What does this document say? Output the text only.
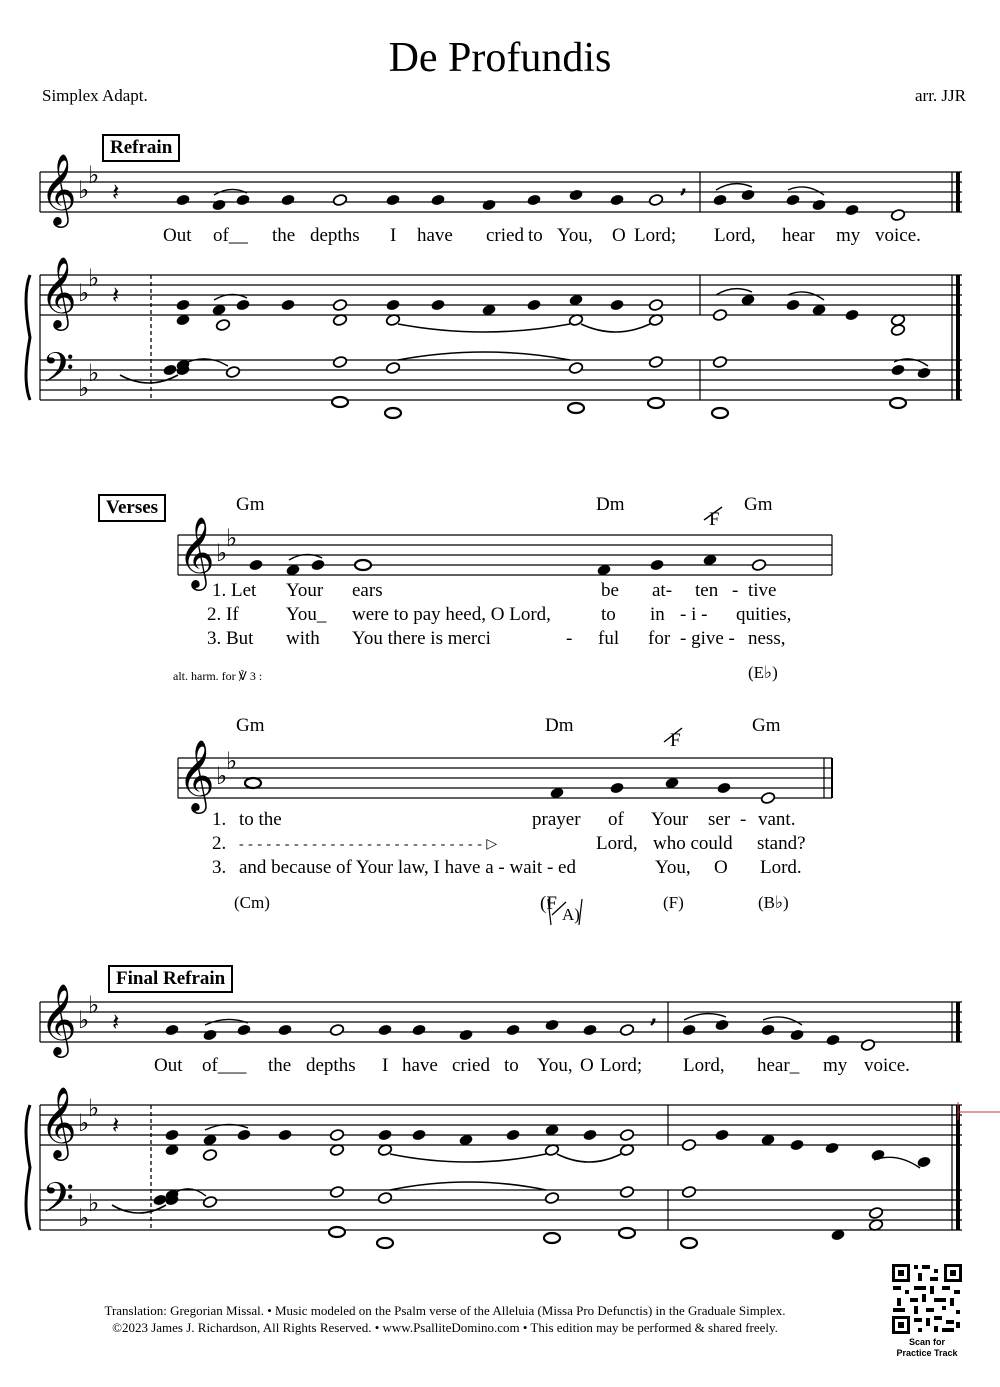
De Profundis
Simplex Adapt.	arr. JJR
Refrain
Verses
Final Refrain
𝄞 ♭
♭
𝄽	,
𝄞 ♭
♭
𝄽
𝄢 ♭
♭
𝄞 ♭
♭
𝄞 ♭
♭
𝄞 ♭
♭
𝄽	,
𝄞 ♭
♭
𝄽
𝄢 ♭
♭
Out of__ the depths I have cried to You, O Lord; Lord, hear my voice.
Gm	Dm
F
Gm
1. Let Your ears	be at- ten - tive
2. If You_ were to pay heed, O Lord,	to in - i - quities,
3. But with You there is merci	- ful for - give - ness,
alt. harm. for ℣ 3 :	(E♭)
Gm	Dm
F
Gm
1. to the	prayer of Your ser - vant.
2. - - - - - - - - - - - - - - - - - - - - - - - - - - - ▷	Lord, who could stand?
3. and because of Your law, I have a - wait - ed	You, O Lord.
(Cm)	(F
A)
(F)	(B♭)
Out of___ the depths I have cried to You, O Lord; Lord, hear_ my voice.
Translation: Gregorian Missal. • Music modeled on the Psalm verse of the Alleluia (Missa Pro Defunctis) in the Graduale Simplex.
©2023 James J. Richardson, All Rights Reserved. • www.PsalliteDomino.com • This edition may be performed & shared freely.
Scan for
Practice Track
